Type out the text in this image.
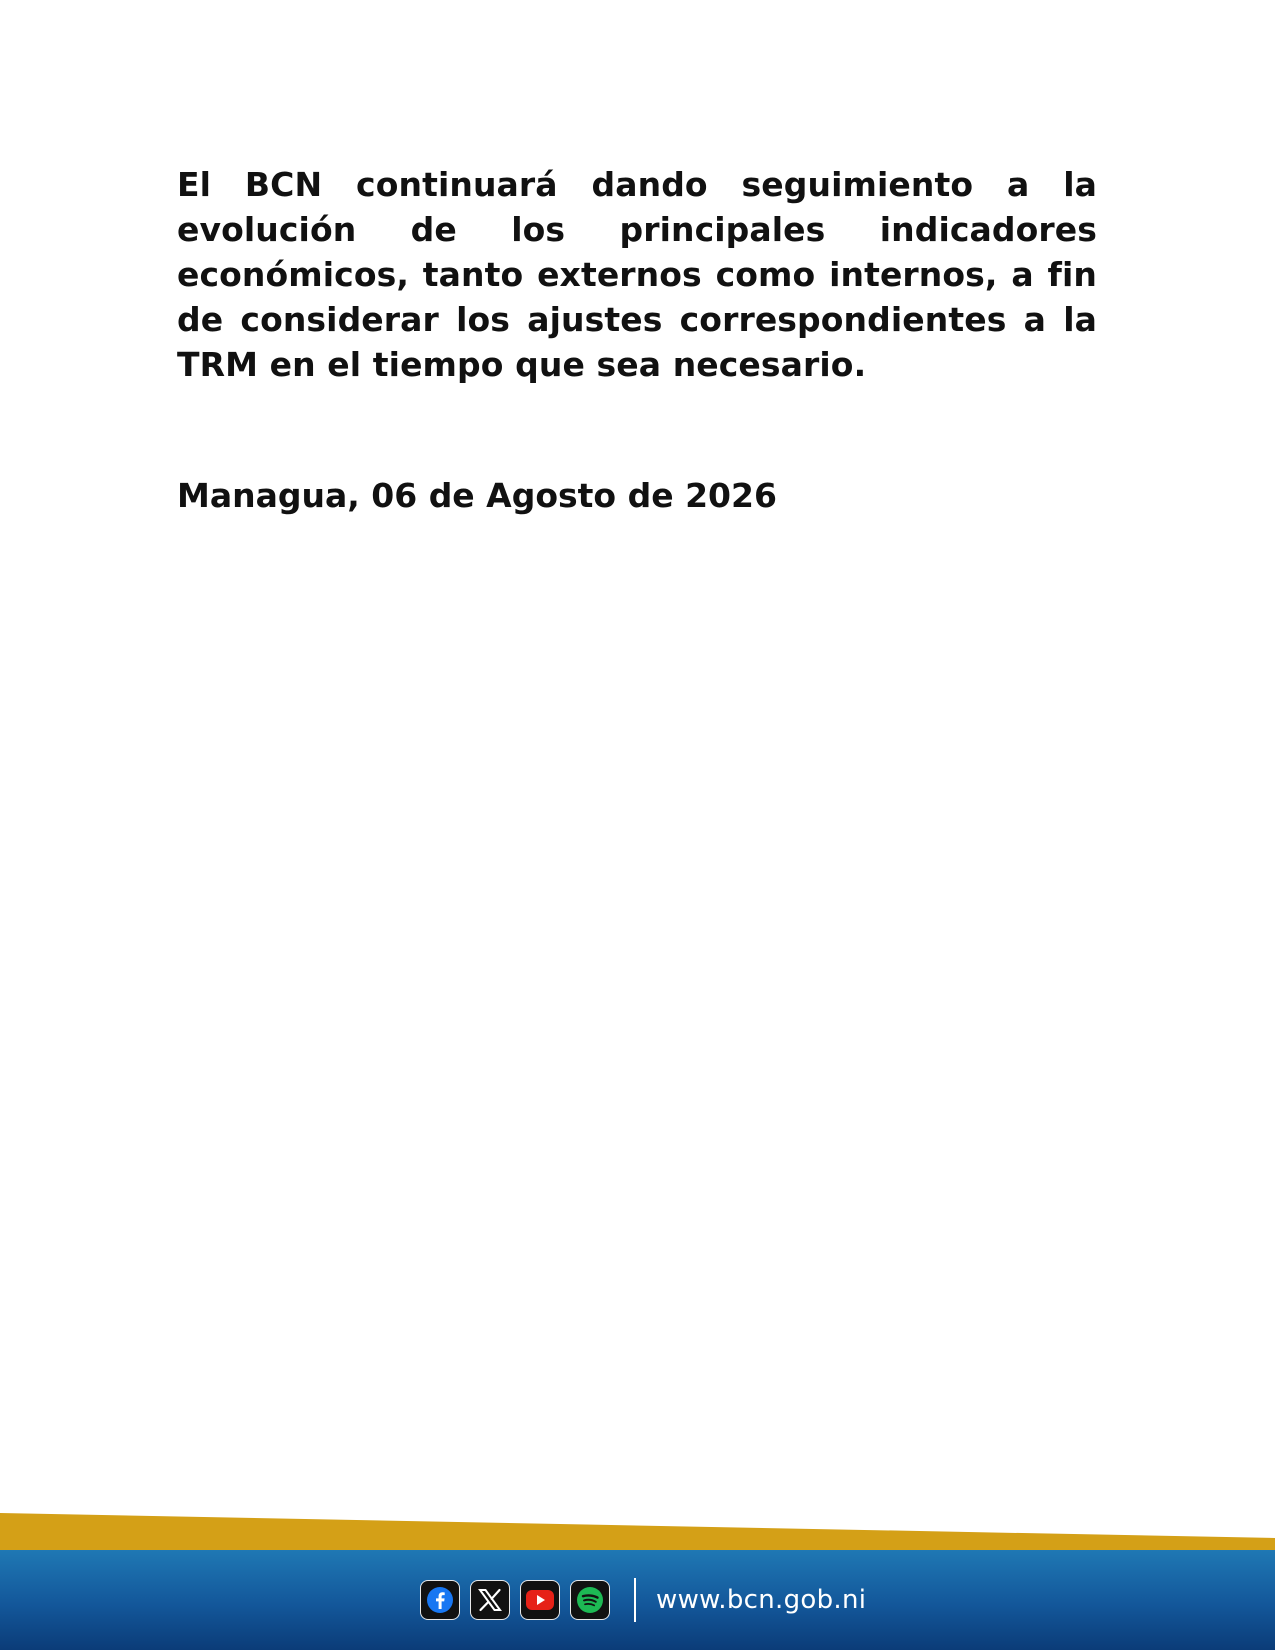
El BCN continuará dando seguimiento a la evolución de los principales indicadores económicos, tanto externos como internos, a fin de considerar los ajustes correspondientes a la TRM en el tiempo que sea necesario.

Managua, 06 de Agosto de 2026

www.bcn.gob.ni
